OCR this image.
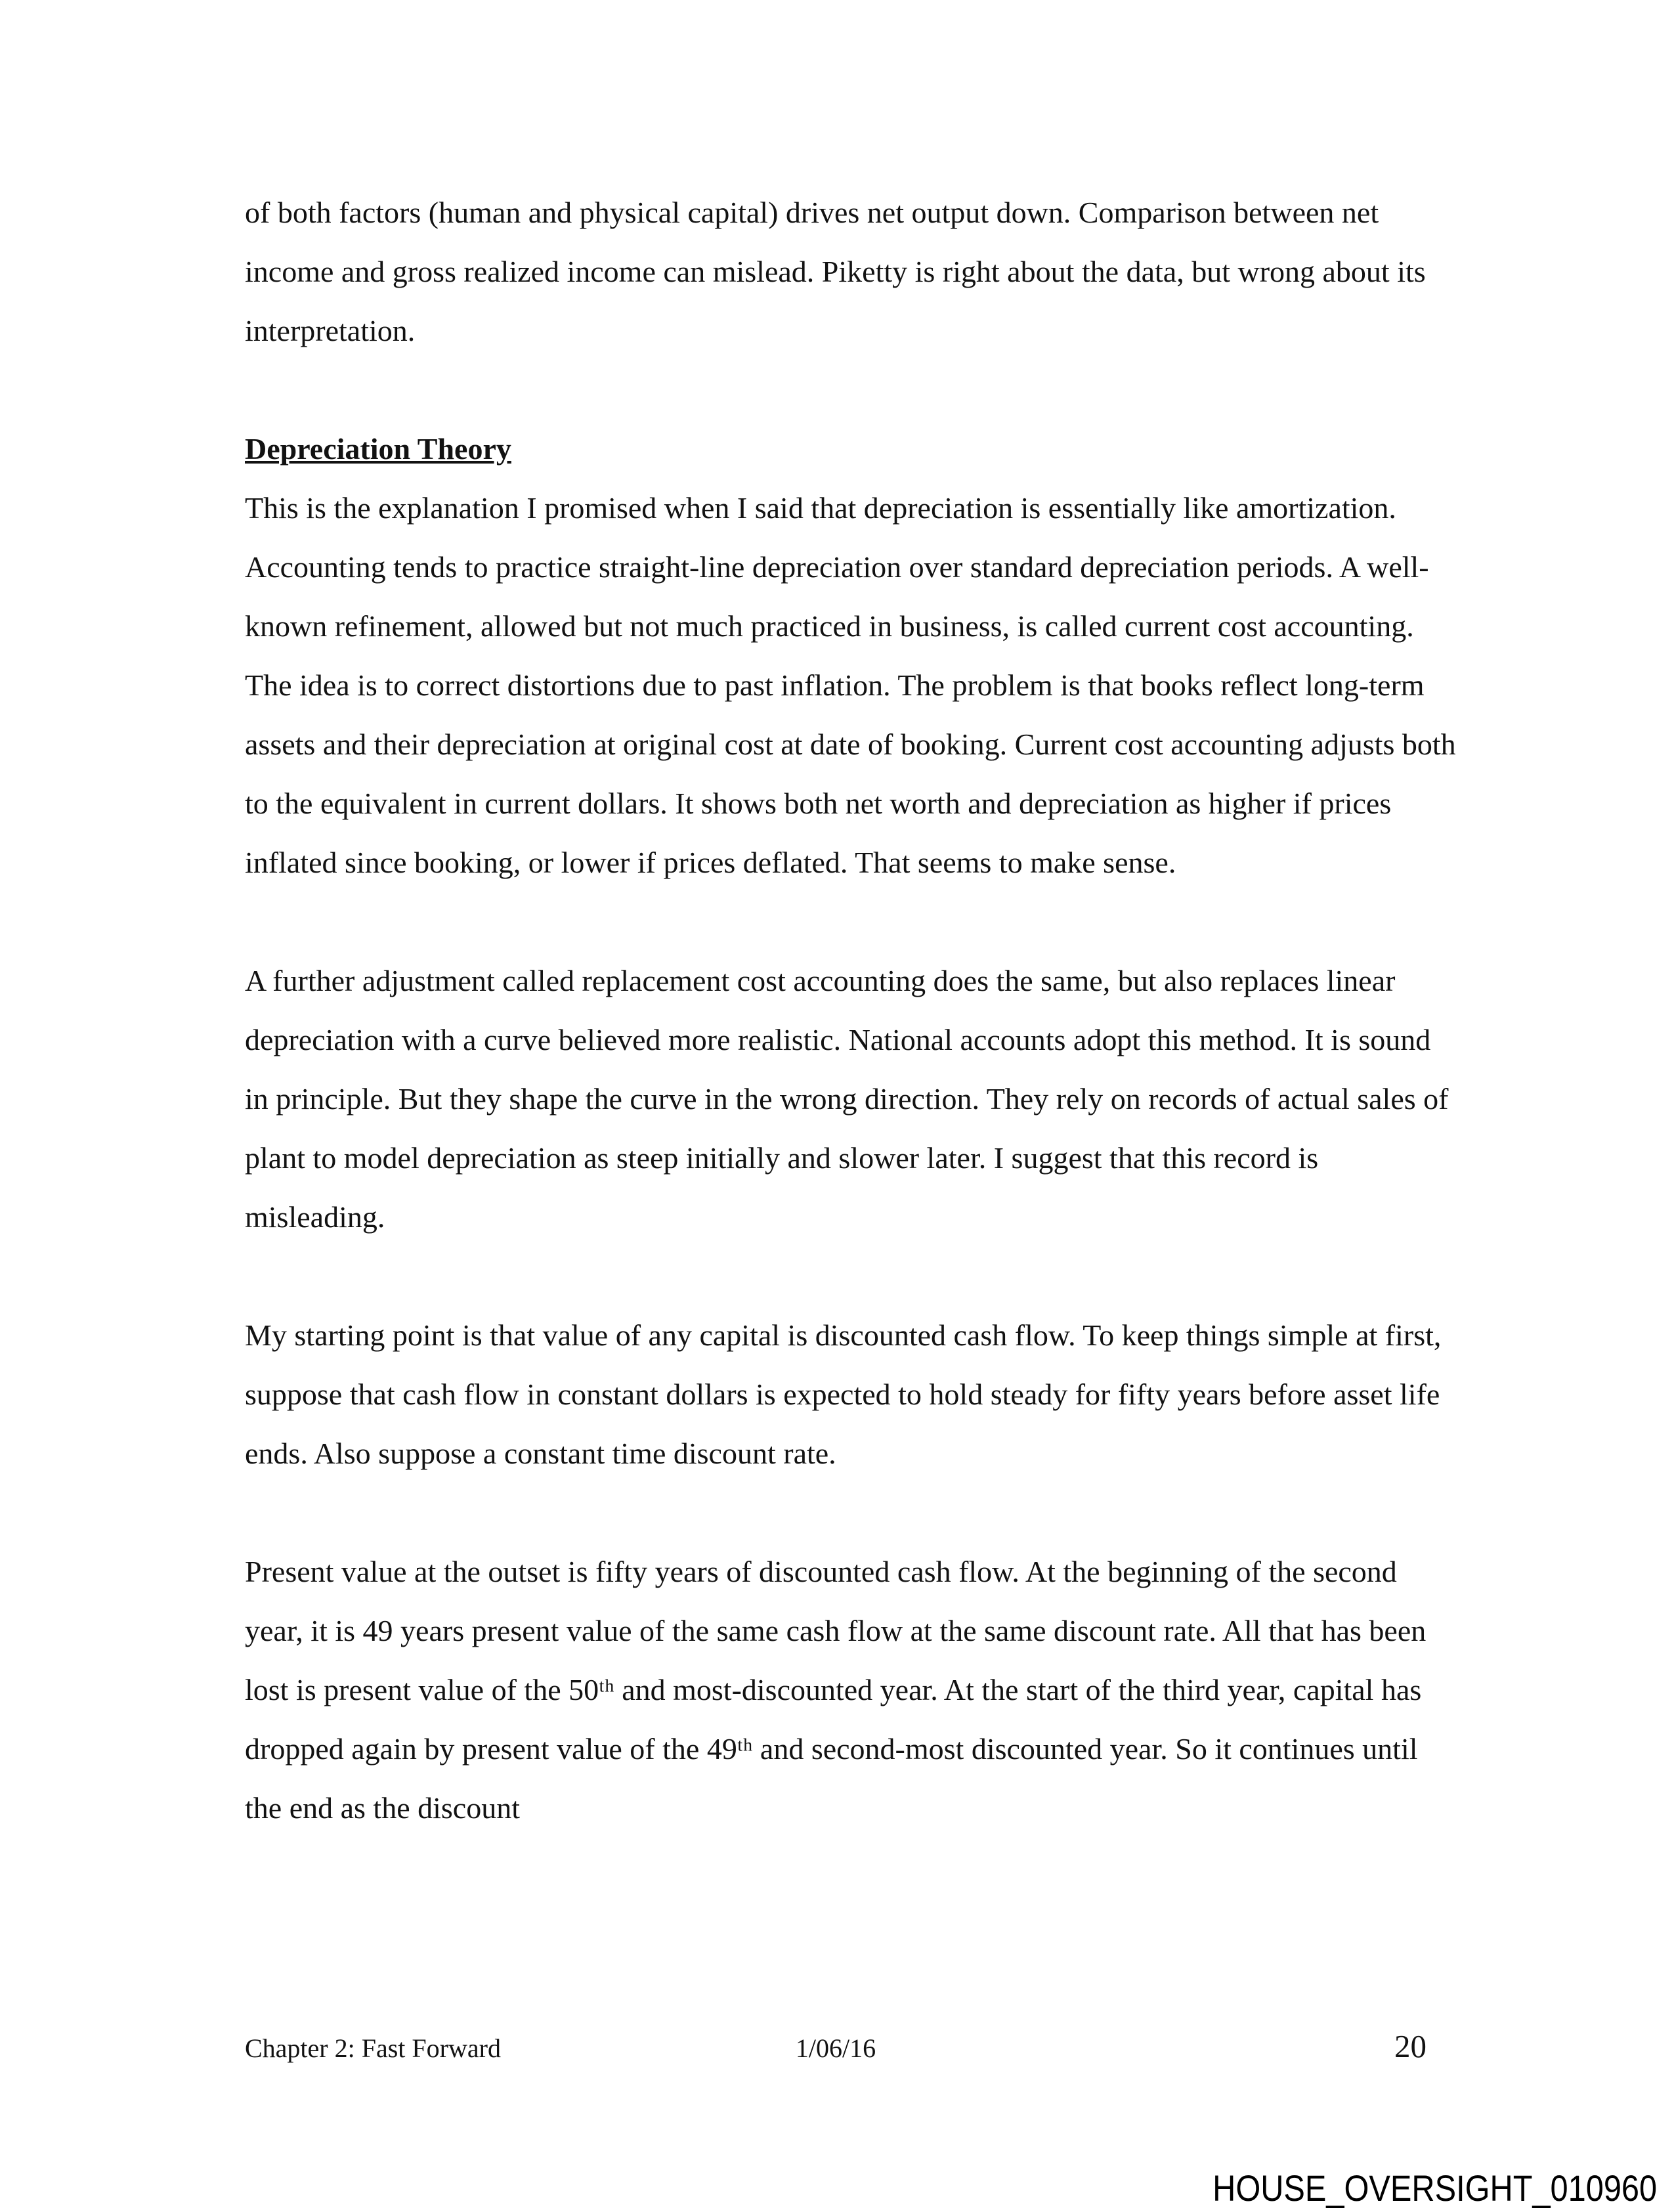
of both factors (human and physical capital) drives net output down. Comparison between net income and gross realized income can mislead. Piketty is right about the data, but wrong about its interpretation.

Depreciation Theory

This is the explanation I promised when I said that depreciation is essentially like amortization.  Accounting tends to practice straight-line depreciation over standard depreciation periods. A well-known refinement, allowed but not much practiced in business, is called current cost accounting. The idea is to correct distortions due to past inflation. The problem is that books reflect long-term assets and their depreciation at original cost at date of booking. Current cost accounting adjusts both to the equivalent in current dollars. It shows both net worth and depreciation as higher if prices inflated since booking, or lower if prices deflated. That seems to make sense.

A further adjustment called replacement cost accounting does the same, but also replaces linear depreciation with a curve believed more realistic. National accounts adopt this method. It is sound in principle. But they shape the curve in the wrong direction. They rely on records of actual sales of plant to model depreciation as steep initially and slower later. I suggest that this record is misleading.

My starting point is that value of any capital is discounted cash flow. To keep things simple at first, suppose that cash flow in constant dollars is expected to hold steady for fifty years before asset life ends. Also suppose a constant time discount rate.

Present value at the outset is fifty years of discounted cash flow. At the beginning of the second year, it is 49 years present value of the same cash flow at the same discount rate. All that has been lost is present value of the 50ᵗʰ and most-discounted year. At the start of the third year, capital has dropped again by present value of the 49ᵗʰ and second-most discounted year. So it continues until the end as the discount

Chapter 2: Fast Forward	1/06/16	20
HOUSE_OVERSIGHT_010960
